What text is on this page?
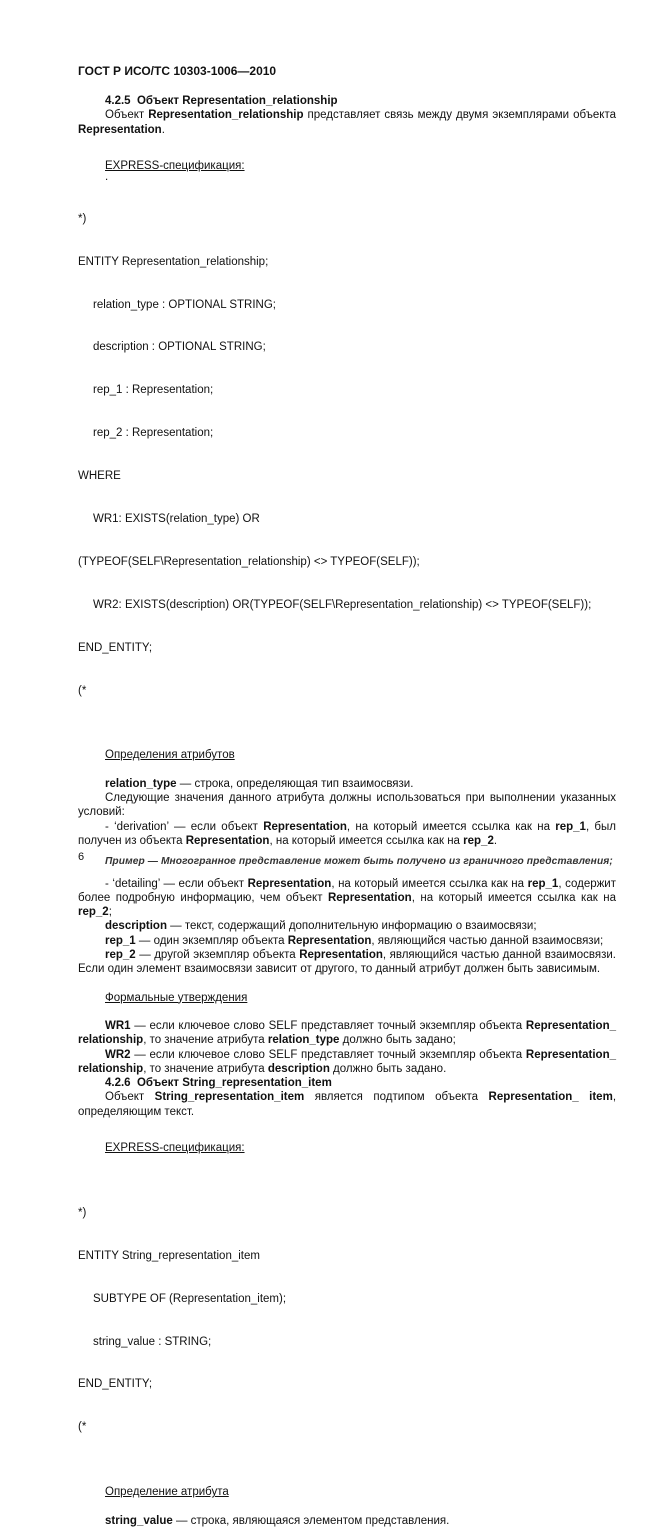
ГОСТ Р ИСО/ТС 10303-1006—2010

4.2.5 Объект Representation_relationship

Объект Representation_relationship представляет связь между двумя экземплярами объекта Representation.

EXPRESS-спецификация:

.

*)

ENTITY Representation_relationship;

relation_type : OPTIONAL STRING;

description : OPTIONAL STRING;

rep_1 : Representation;

rep_2 : Representation;

WHERE

WR1: EXISTS(relation_type) OR

(TYPEOF(SELF\Representation_relationship) <> TYPEOF(SELF));

WR2: EXISTS(description) OR(TYPEOF(SELF\Representation_relationship) <> TYPEOF(SELF));

END_ENTITY;

(*

Определения атрибутов

relation_type — строка, определяющая тип взаимосвязи.

Следующие значения данного атрибута должны использоваться при выполнении указанных условий:

- ‘derivation’ — если объект Representation, на который имеется ссылка как на rep_1, был получен из объекта Representation, на который имеется ссылка как на rep_2.

Пример — Многогранное представление может быть получено из граничного представления;

- ‘detailing’ — если объект Representation, на который имеется ссылка как на rep_1, содержит более подробную информацию, чем объект Representation, на который имеется ссылка как на rep_2;

description — текст, содержащий дополнительную информацию о взаимосвязи;

rep_1 — один экземпляр объекта Representation, являющийся частью данной взаимосвязи;

rep_2 — другой экземпляр объекта Representation, являющийся частью данной взаимосвязи. Если один элемент взаимосвязи зависит от другого, то данный атрибут должен быть зависимым.

Формальные утверждения

WR1 — если ключевое слово SELF представляет точный экземпляр объекта Representation_ relationship, то значение атрибута relation_type должно быть задано;

WR2 — если ключевое слово SELF представляет точный экземпляр объекта Representation_ relationship, то значение атрибута description должно быть задано.

4.2.6 Объект String_representation_item

Объект String_representation_item является подтипом объекта Representation_ item, определяющим текст.

EXPRESS-спецификация:

*)

ENTITY String_representation_item

SUBTYPE OF (Representation_item);

string_value : STRING;

END_ENTITY;

(*

Определение атрибута

string_value — строка, являющаяся элементом представления.

6
